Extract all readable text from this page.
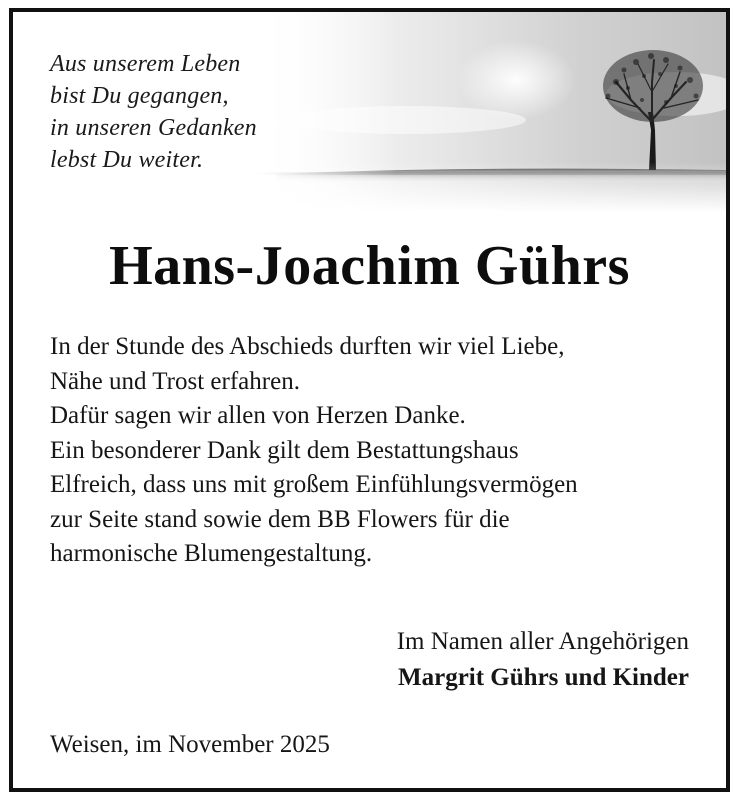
Aus unserem Leben
bist Du gegangen,
in unseren Gedanken
lebst Du weiter.
Hans-Joachim Gührs
In der Stunde des Abschieds durften wir viel Liebe,
Nähe und Trost erfahren.
Dafür sagen wir allen von Herzen Danke.
Ein besonderer Dank gilt dem Bestattungshaus
Elfreich, dass uns mit großem Einfühlungsvermögen
zur Seite stand sowie dem BB Flowers für die
harmonische Blumengestaltung.
Im Namen aller Angehörigen
Margrit Gührs und Kinder
Weisen, im November 2025
